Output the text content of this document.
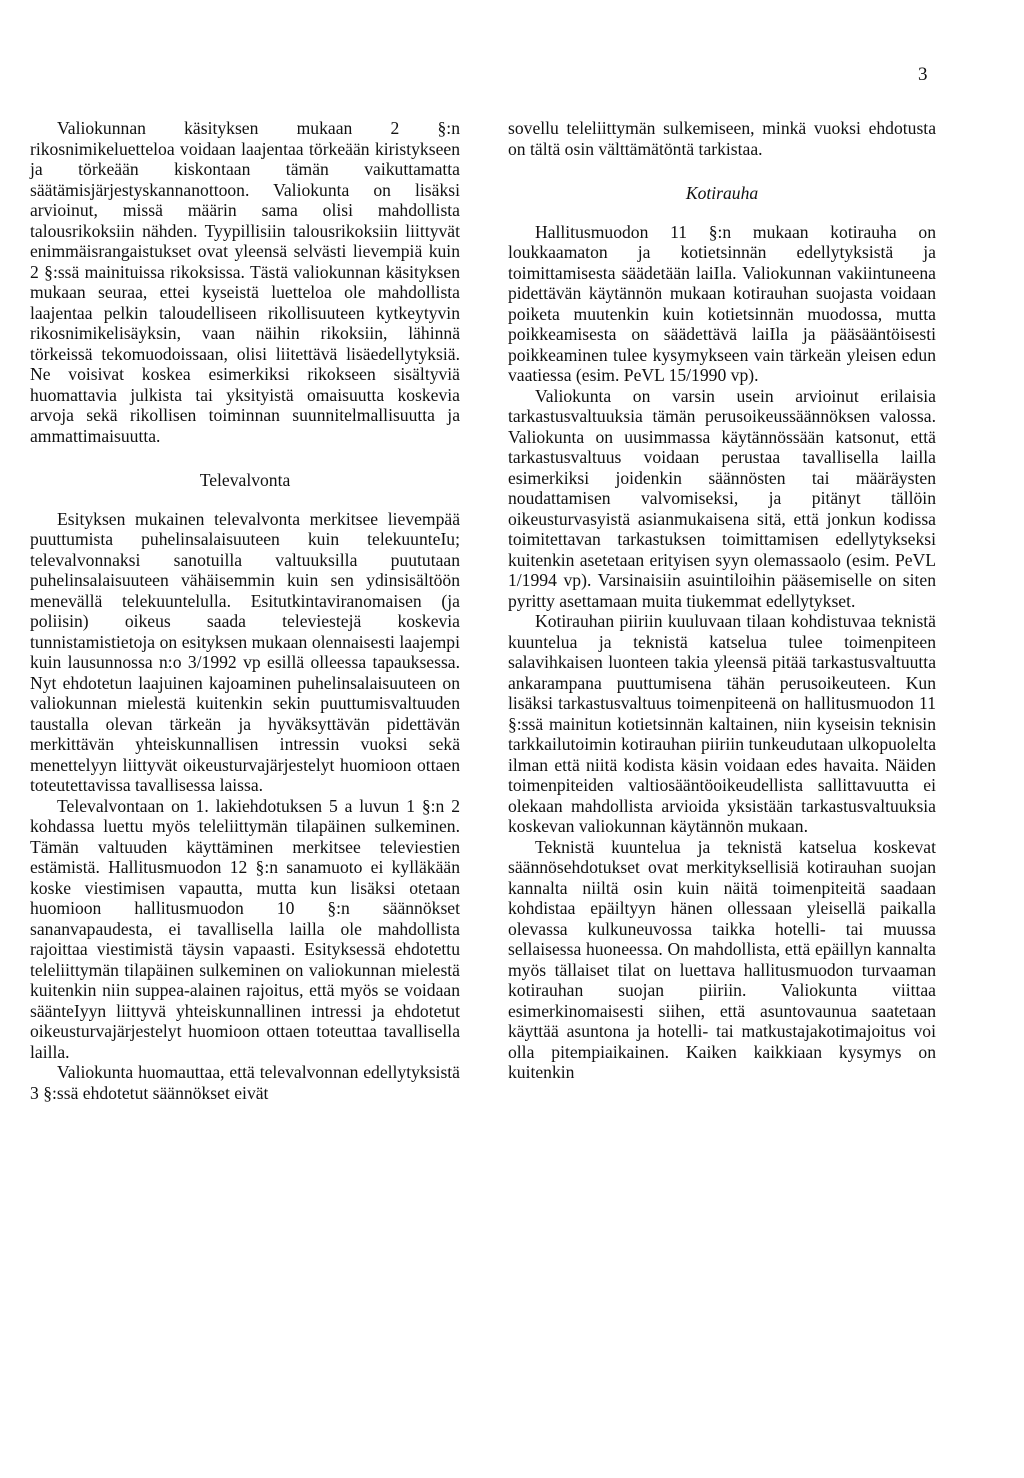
3

Valiokunnan käsityksen mukaan 2 §:n rikosnimikeluetteloa voidaan laajentaa törkeään kiristykseen ja törkeään kiskontaan tämän vaikuttamatta säätämisjärjestyskannanottoon. Valiokunta on lisäksi arvioinut, missä määrin sama olisi mahdollista talousrikoksiin nähden. Tyypillisiin talousrikoksiin liittyvät enimmäisrangaistukset ovat yleensä selvästi lievempiä kuin 2 §:ssä mainituissa rikoksissa. Tästä valiokunnan käsityksen mukaan seuraa, ettei kyseistä luetteloa ole mahdollista laajentaa pelkin taloudelliseen rikollisuuteen kytkeytyvin rikosnimikelisäyksin, vaan näihin rikoksiin, lähinnä törkeissä tekomuodoissaan, olisi liitettävä lisäedellytyksiä. Ne voisivat koskea esimerkiksi rikokseen sisältyviä huomattavia julkista tai yksityistä omaisuutta koskevia arvoja sekä rikollisen toiminnan suunnitelmallisuutta ja ammattimaisuutta.

Televalvonta

Esityksen mukainen televalvonta merkitsee lievempää puuttumista puhelinsalaisuuteen kuin telekuunteIu; televalvonnaksi sanotuilla valtuuksilla puututaan puhelinsalaisuuteen vähäisemmin kuin sen ydinsisältöön menevällä telekuuntelulla. Esitutkintaviranomaisen (ja poliisin) oikeus saada televiestejä koskevia tunnistamistietoja on esityksen mukaan olennaisesti laajempi kuin lausunnossa n:o 3/1992 vp esillä olleessa tapauksessa. Nyt ehdotetun laajuinen kajoaminen puhelinsalaisuuteen on valiokunnan mielestä kuitenkin sekin puuttumisvaltuuden taustalla olevan tärkeän ja hyväksyttävän pidettävän merkittävän yhteiskunnallisen intressin vuoksi sekä menettelyyn liittyvät oikeusturvajärjestelyt huomioon ottaen toteutettavissa tavallisessa laissa.

Televalvontaan on 1. lakiehdotuksen 5 a luvun 1 §:n 2 kohdassa luettu myös teleliittymän tilapäinen sulkeminen. Tämän valtuuden käyttäminen merkitsee televiestien estämistä. Hallitusmuodon 12 §:n sanamuoto ei kylläkään koske viestimisen vapautta, mutta kun lisäksi otetaan huomioon hallitusmuodon 10 §:n säännökset sananvapaudesta, ei tavallisella lailla ole mahdollista rajoittaa viestimistä täysin vapaasti. Esityksessä ehdotettu teleliittymän tilapäinen sulkeminen on valiokunnan mielestä kuitenkin niin suppea-alainen rajoitus, että myös se voidaan säänteIyyn liittyvä yhteiskunnallinen intressi ja ehdotetut oikeusturvajärjestelyt huomioon ottaen toteuttaa tavallisella laillа.

Valiokunta huomauttaa, että televalvonnan edellytyksistä 3 §:ssä ehdotetut säännökset eivät

sovellu teleliittymän sulkemiseen, minkä vuoksi ehdotusta on tältä osin välttämätöntä tarkistaa.

Kotirauha

Hallitusmuodon 11 §:n mukaan kotirauha on loukkaamaton ja kotietsinnän edellytyksistä ja toimittamisesta säädetään laiIla. Valiokunnan vakiintuneena pidettävän käytännön mukaan kotirauhan suojasta voidaan poiketa muutenkin kuin kotietsinnän muodossa, mutta poikkeamisesta on säädettävä laiIla ja pääsääntöisesti poikkeaminen tulee kysymykseen vain tärkeän yleisen edun vaatiessa (esim. PeVL 15/1990 vp).

Valiokunta on varsin usein arvioinut erilaisia tarkastusvaltuuksia tämän perusoikeussäännöksen valossa. Valiokunta on uusimmassa käytännössään katsonut, että tarkastusvaltuus voidaan perustaa tavallisella lailla esimerkiksi joidenkin säännösten tai määräysten noudattamisen valvomiseksi, ja pitänyt tällöin oikeusturvasyistä asianmukaisena sitä, että jonkun kodissa toimitettavan tarkastuksen toimittamisen edellytykseksi kuitenkin asetetaan erityisen syyn olemassaolo (esim. PeVL 1/1994 vp). Varsinaisiin asuintiloihin pääsemiselle on siten pyritty asettamaan muita tiukemmat edellytykset.

Kotirauhan piiriin kuuluvaan tilaan kohdistuvaa teknistä kuuntelua ja teknistä katselua tulee toimenpiteen salavihkaisen luonteen takia yleensä pitää tarkastusvaltuutta ankarampana puuttumisena tähän perusoikeuteen. Kun lisäksi tarkastusvaltuus toimenpiteenä on hallitusmuodon 11 §:ssä mainitun kotietsinnän kaltainen, niin kyseisin teknisin tarkkailutoimin kotirauhan piiriin tunkeudutaan ulkopuolelta ilman että niitä kodista käsin voidaan edes havaita. Näiden toimenpiteiden valtiosääntöoikeudellista sallittavuutta ei olekaan mahdollista arvioida yksistään tarkastusvaltuuksia koskevan valiokunnan käytännön mukaan.

Teknistä kuuntelua ja teknistä katselua koskevat säännösehdotukset ovat merkityksellisiä kotirauhan suojan kannalta niiltä osin kuin näitä toimenpiteitä saadaan kohdistaa epäiltyyn hänen ollessaan yleisellä paikalla olevassa kulkuneuvossa taikka hotelli- tai muussa sellaisessa huoneessa. On mahdollista, että epäillyn kannalta myös tällaiset tilat on luettava hallitusmuodon turvaaman kotirauhan suojan piiriin. Valiokunta viittaa esimerkinomaisesti siihen, että asuntovaunua saatetaan käyttää asuntona ja hotelli- tai matkustajakotimajoitus voi olla pitempiaikainen. Kaiken kaikkiaan kysymys on kuitenkin
